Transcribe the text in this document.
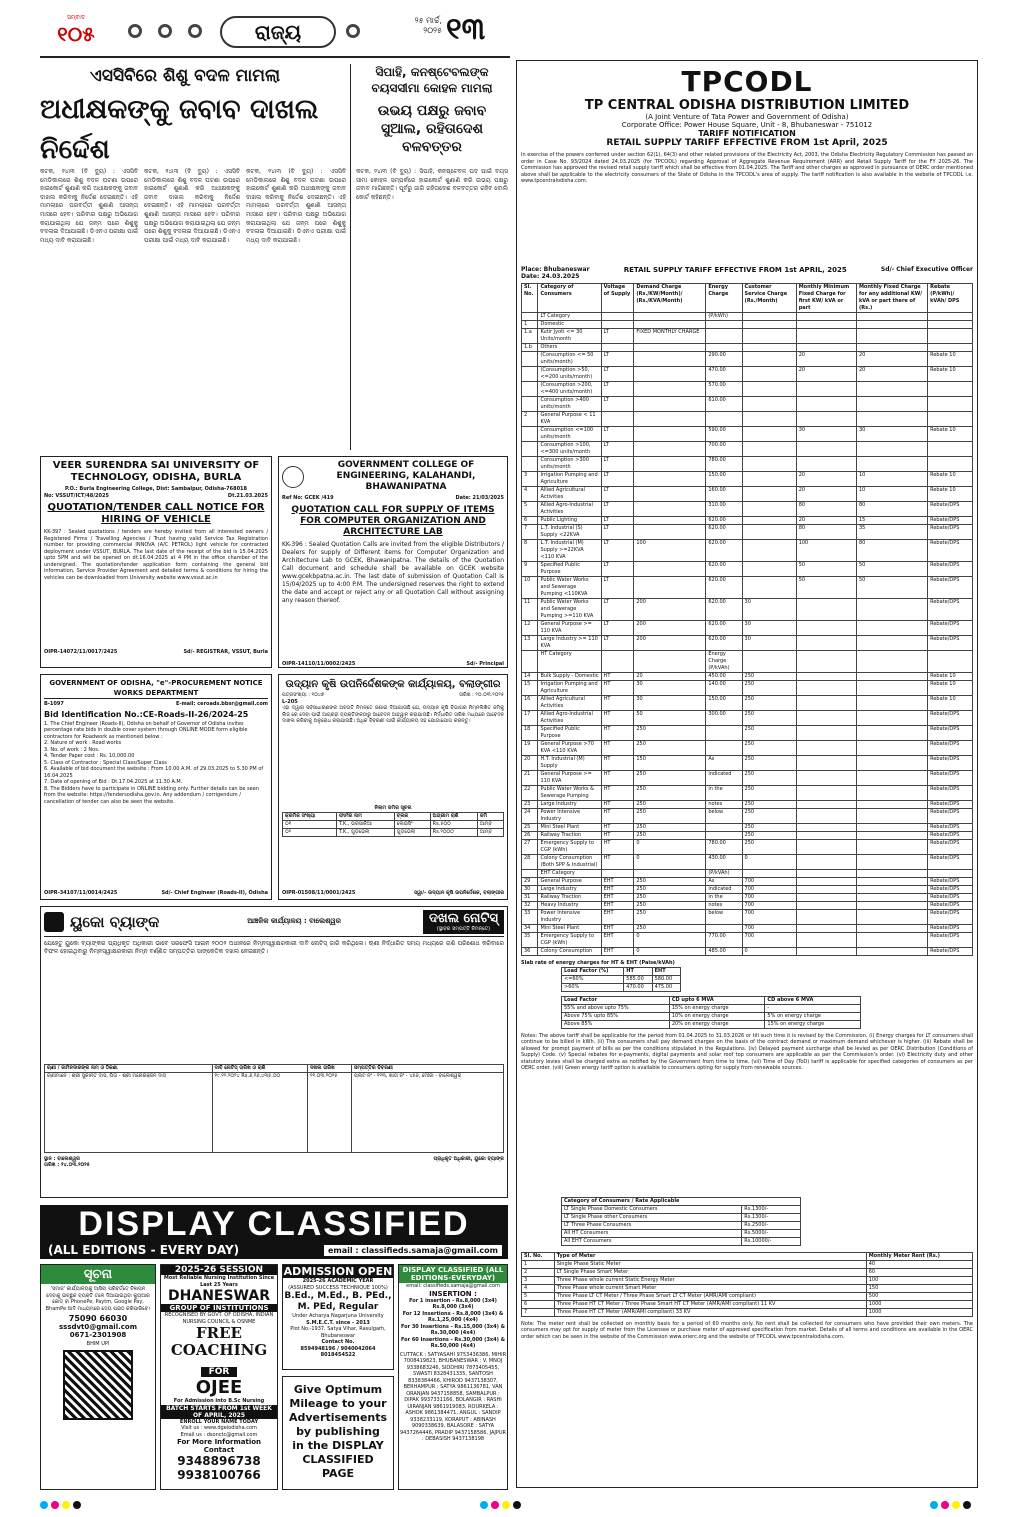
ସମ୍ବାଦ
୧୦୫	ରାଜ୍ୟ	୨୫ ମାର୍ଚ୍ଚ,
୨୦୨୫ ୧୩
ଏସସିବିରେ ଶିଶୁ ବଦଳ ମାମଲା
ଅଧୀକ୍ଷକଙ୍କୁ ଜବାବ ଦାଖଲ ନିର୍ଦ୍ଦେଶ
ସିପାହି, କନଷ୍ଟେବଲଙ୍କ ବୟସସୀମା କୋହଳ ମାମଲା
ଉଭୟ ପକ୍ଷରୁ ଜବାବ ସୁଆଲ, ରହିତାଦେଶ ବଳବତ୍ତର
କଟକ, ୨୪ା୩ (ବି ବ୍ୟୁ) : ଏସସିବି ମେଡିକାଲରେ ଶିଶୁ ବଦଳ ଘଟଣା ଉପରେ ହାଇକୋର୍ଟ ଶୁଣାଣି କରି ଅଧୀକ୍ଷକଙ୍କୁ ଜବାବ ଦାଖଲ କରିବାକୁ ନିର୍ଦ୍ଦେଶ ଦେଇଛନ୍ତି। ଏହି ମାମଲାରେ ପରବର୍ତ୍ତୀ ଶୁଣାଣି ଆସନ୍ତା ମାସରେ ହେବ। ପରିବାର ପକ୍ଷରୁ ଅଭିଯୋଗ କରାଯାଇଥିଲା ଯେ ଜନ୍ମ ପରେ ଶିଶୁକୁ ବଦଳାଇ ଦିଆଯାଇଛି। ଡିଏନଏ ପରୀକ୍ଷା ପାଇଁ ମଧ୍ୟ ଦାବି କରାଯାଇଛି।
କଟକ, ୨୪ା୩ (ବି ବ୍ୟୁ) : ଏସସିବି ମେଡିକାଲରେ ଶିଶୁ ବଦଳ ଘଟଣା ଉପରେ ହାଇକୋର୍ଟ ଶୁଣାଣି କରି ଅଧୀକ୍ଷକଙ୍କୁ ଜବାବ ଦାଖଲ କରିବାକୁ ନିର୍ଦ୍ଦେଶ ଦେଇଛନ୍ତି। ଏହି ମାମଲାରେ ପରବର୍ତ୍ତୀ ଶୁଣାଣି ଆସନ୍ତା ମାସରେ ହେବ। ପରିବାର ପକ୍ଷରୁ ଅଭିଯୋଗ କରାଯାଇଥିଲା ଯେ ଜନ୍ମ ପରେ ଶିଶୁକୁ ବଦଳାଇ ଦିଆଯାଇଛି। ଡିଏନଏ ପରୀକ୍ଷା ପାଇଁ ମଧ୍ୟ ଦାବି କରାଯାଇଛି।
କଟକ, ୨୪ା୩ (ବି ବ୍ୟୁ) : ଏସସିବି ମେଡିକାଲରେ ଶିଶୁ ବଦଳ ଘଟଣା ଉପରେ ହାଇକୋର୍ଟ ଶୁଣାଣି କରି ଅଧୀକ୍ଷକଙ୍କୁ ଜବାବ ଦାଖଲ କରିବାକୁ ନିର୍ଦ୍ଦେଶ ଦେଇଛନ୍ତି। ଏହି ମାମଲାରେ ପରବର୍ତ୍ତୀ ଶୁଣାଣି ଆସନ୍ତା ମାସରେ ହେବ। ପରିବାର ପକ୍ଷରୁ ଅଭିଯୋଗ କରାଯାଇଥିଲା ଯେ ଜନ୍ମ ପରେ ଶିଶୁକୁ ବଦଳାଇ ଦିଆଯାଇଛି। ଡିଏନଏ ପରୀକ୍ଷା ପାଇଁ ମଧ୍ୟ ଦାବି କରାଯାଇଛି।
କଟକ, ୨୪ା୩ (ବି ବ୍ୟୁ) : ସିପାହି, କନଷ୍ଟେବଳ ପଦ ପାଇଁ ବୟସ ସୀମା କୋହଳ ସମ୍ପର୍କରେ ହାଇକୋର୍ଟ ଶୁଣାଣି କରି ଉଭୟ ପକ୍ଷରୁ ଜବାବ ମାଗିଛନ୍ତି। ପୂର୍ବରୁ ଜାରି ରହିତାଦେଶ ବଳବତ୍ତର ରହିବ ବୋଲି କୋର୍ଟ କହିଛନ୍ତି।
VEER SURENDRA SAI UNIVERSITY OF TECHNOLOGY, ODISHA, BURLA
P.O.: Burla Engineering College, Dist: Sambalpur, Odisha-768018
No: VSSUT/ICT/48/2025	Dt.21.03.2025
QUOTATION/TENDER CALL NOTICE FOR HIRING OF VEHICLE
KK-397 : Sealed quotations / tenders are hereby invited from all interested owners / Registered Firms / Travelling Agencies / Trust having valid Service Tax Registration number for providing commercial INNOVA (A/C PETROL) light vehicle for contracted deployment under VSSUT, BURLA. The last date of the receipt of the bid is 15.04.2025 upto 5PM and will be opened on dt.16.04.2025 at 4 PM in the office chamber of the undersigned. The quotation/tender application form containing the general bid information, Service Provider Agreement and detailed terms & conditions for hiring the vehicles can be downloaded from University website www.vssut.ac.in
OIPR-14072/11/0017/2425	Sd/- REGISTRAR, VSSUT, Burla
GOVERNMENT COLLEGE OF ENGINEERING, KALAHANDI, BHAWANIPATNA
Ref No: GCEK /419	Date: 21/03/2025
QUOTATION CALL FOR SUPPLY OF ITEMS FOR COMPUTER ORGANIZATION AND ARCHITECTURE LAB
KK-396 : Sealed Quotation Calls are invited from the eligible Distributors / Dealers for supply of Different items for Computer Organization and Architecture Lab to GCEK, Bhawanipatna. The details of the Quotation Call document and schedule shall be available on GCEK website www.gcekbpatna.ac.in. The last date of submission of Quotation Call is 15/04/2025 up to 4:00 P.M. The undersigned reserves the right to extend the date and accept or reject any or all Quotation Call without assigning any reason thereof.
OIPR-14110/11/0002/2425	Sd/- Principal
GOVERNMENT OF ODISHA, "e"-PROCUREMENT NOTICE WORKS DEPARTMENT
B-1097	E-mail: ceroads.bbsr@gmail.com
Bid Identification No.:CE-Roads-II-26/2024-25
1. The Chief Engineer (Roads-II), Odisha on behalf of Governor of Odisha invites percentage rate bids in double cover system through ONLINE MODE form eligible contractors for Roadwork as mentioned below :
2. Nature of work : Road works
3. No. of work : 2 Nos.
4. Tender Paper cost : Rs. 10,000.00
5. Class of Contractor : Special Class/Super Class
6. Available of bid document the website : From 10.00 A.M. of 29.03.2025 to 5.30 PM of 16.04.2025
7. Date of opening of Bid : Dt.17.04.2025 at 11.30 A.M.
8. The Bidders have to participate in ONLINE bidding only. Further details can be seen from the website: https://tendersodisha.gov.in. Any addendum / corrigendum / cancellation of tender can also be seen the website.
OIPR-34107/11/0014/2425	Sd/- Chief Engineer (Roads-II), Odisha
ଉଦ୍ୟାନ କୃଷି ଉପନିର୍ଦ୍ଦେଶକଙ୍କ କାର୍ଯ୍ୟାଳୟ, ବଲାଙ୍ଗୀର
ପତ୍ରସଂଖ୍ୟା : ୧୦୪୭	ତାରିଖ : ୨୦.୦୩.୨୦୨୫
L-205
ଏହା ଦ୍ୱାରା ସର୍ବସାଧାରଣଙ୍କ ଅବଗତି ନିମନ୍ତେ ଜଣାଇ ଦିଆଯାଉଛି ଯେ, ଉଦ୍ୟାନ କୃଷି ବିଭାଗର ନିମ୍ନଲିଖିତ ଜମିକୁ ଲିଜ୍ ରେ ଦେବା ପାଇଁ ଆଗ୍ରହୀ ବ୍ୟକ୍ତିଙ୍କଠାରୁ ଆବେଦନ ଆହ୍ୱାନ କରାଯାଉଛି। ନିର୍ଦ୍ଧାରିତ ତାରିଖ ମଧ୍ୟରେ ଆବେଦନ ଦାଖଲ କରିବାକୁ ଅନୁରୋଧ କରାଯାଉଛି। ଅଧିକ ବିବରଣୀ ପାଇଁ କାର୍ଯ୍ୟାଳୟ ସହ ଯୋଗାଯୋଗ କରନ୍ତୁ।
ନିଲାମ ଜମିର ସୂଚନା
କ୍ରମିକ ସଂଖ୍ୟା	ଫାର୍ମର ନାମ	ବ୍ଲକ	ଅଗ୍ରୀମ ରାଶି	ଜମି
୦୧	T.K., ଭରସାକିଆ	ଲୋଇସିଂ	Rs.୫୦୦	ଆମ୍ବ
୦୨	T.K., ଗୁଡ଼ଭେଲା	ଗୁଡ଼ଭେଲା	Rs.୨୦୦୦	ଆମ୍ବ
OIPR-01508/11/0001/2425	ସ୍ୱା/- ଉଦ୍ୟାନ କୃଷି ଉପନିର୍ଦ୍ଦେଶକ, ବଲାଙ୍ଗୀର
ୟୁକୋ ବ୍ୟାଙ୍କ	ଆଞ୍ଚଳିକ କାର୍ଯ୍ୟାଳୟ : ବାଲେଶ୍ୱର	ଦଖଲ ନୋଟିସ୍
(ସ୍ଥାବର ସମ୍ପତ୍ତି ନିମନ୍ତେ)
ଯେହେତୁ ୟୁକୋ ବ୍ୟାଙ୍କର ପ୍ରାଧିକୃତ ଅଧିକାରୀ ଭାବେ ସରଫେସି ଆଇନ ୨୦୦୨ ଅଧୀନରେ ନିମ୍ନସ୍ୱାକ୍ଷରକାରୀ ଦାବି ନୋଟିସ୍ ଜାରି କରିଥିଲେ। ଋଣୀ ନିର୍ଦ୍ଧାରିତ ସମୟ ମଧ୍ୟରେ ରାଶି ପରିଶୋଧ କରିବାରେ ବିଫଳ ହୋଇଥିବାରୁ ନିମ୍ନସ୍ୱାକ୍ଷରକାରୀ ନିମ୍ନ ବର୍ଣ୍ଣିତ ସମ୍ପତ୍ତିର ସାଙ୍କେତିକ ଦଖଲ ନେଇଛନ୍ତି।
ଋଣୀ / ଜାମିନଦାରଙ୍କ ନାମ ଓ ଠିକଣା	ଦାବି ନୋଟିସ୍ ତାରିଖ ଓ ରାଶି	ଦଖଲ ତାରିଖ	ସମ୍ପତ୍ତିର ବିବରଣୀ
ଋଣୀମାନେ : ଶ୍ରୀ ସୁକାନ୍ତ ଦାସ, ପିତା - ଶ୍ରୀ ମନୋରଞ୍ଜନ ଦାସ	୧୯.୧୨.୨୦୨୪ Rs.୬,୧୬,୪୩୫.୦୦	୨୧.୦୩.୨୦୨୫	ପ୍ଲଟ ନଂ - ୧୨୩, ଖାତା ନଂ - ୪୫୬, ମୌଜା - ବାଲେଶ୍ୱର
ସ୍ଥାନ : ବାଲେଶ୍ୱର
ତାରିଖ : ୨୪.୦୩.୨୦୨୫
ପ୍ରାଧିକୃତ ଅଧିକାରୀ, ୟୁକୋ ବ୍ୟାଙ୍କ
DISPLAY CLASSIFIED
(ALL EDITIONS - EVERY DAY)	email : classifieds.samaja@gmail.com
ସୂଚନା
'ସମାଜ' କାର୍ଯ୍ୟାଳୟକୁ ଆସିବା ପରିବର୍ତ୍ତେ ବିଜ୍ଞାପନ ଦେବାକୁ ଇଚ୍ଛୁକ ବ୍ୟକ୍ତି ତଳେ ଦିଆଯାଇଥିବା କ୍ୟୁଆର କୋଡ୍ ବା PhonePe, Paytm, Google Pay, BhamPe ଆଦି ମାଧ୍ୟମରେ ଦେୟ ପଇଠ କରିପାରିବେ।
75090 66030
sssdvt0@gmail.com
0671-2301908
BHIM UPI
2025-26 SESSION
Most Reliable Nursing Institution Since Last 25 Years
DHANESWAR
GROUP OF INSTITUTIONS
RECOGNISED BY GOVT. OF ODISHA, INDIAN NURSING COUNCIL & OSNME
FREE COACHING
FOR
OJEE
For Admission into B.Sc Nursing
BATCH STARTS FROM 1st WEEK OF APRIL, 2025
ENROLL YOUR NAME TODAY
Visit us : www.dgeiodisha.com
Email us : dsonctc@gmail.com
For More Information Contact
9348896738
9938100766
ADMISSION OPEN
2025-26 ACADEMIC YEAR
(ASSURED SUCCESS TECHNIQUE 100%)
B.Ed., M.Ed., B. PEd., M. PEd, Regular
Under Acharya Nagarjuna University
S.M.E.C.T. since - 2013
Plot No.-1937, Satya Vihar, Rasulgarh, Bhubaneswar
Contact No.
8594948196 / 9040042064 8018454522
Give Optimum Mileage to your Advertisements by publishing in the DISPLAY CLASSIFIED PAGE
DISPLAY CLASSIFIED (ALL EDITIONS-EVERYDAY)
email: classifieds.samaja@gmail.com
INSERTION :
For 1 insertion - Rs.8,000 (3x4) Rs.8,000 (3x4)
For 12 Insertions - Rs.8,000 (3x4) & Rs.1,25,000 (4x4)
For 30 Insertions - Rs.15,000 (3x4) & Rs.30,000 (4x4)
For 60 Insertions - Rs.30,000 (3x4) & Rs.50,000 (4x4)
CUTTACK : SATYASAHI 9753436386, MIHIR 7008419823, BHUBANESWAR : V. MNOJ 9338683246, SIDDHIRI 7873405455, SWASTI 8328431335, SANTOSH 8338384466, KHIROD 9437138307, BERHAMPUR : SATYA 9861136781, VAN ORANJAN 9437158858, SAMBALPUR : DIPAK 9937331166, BOLANGIR : RASHI UIRANJAN 9861919083, ROURKELA : ASHOK 9861384471, ANGUL : SANDIP 9338233119, KORAPUT : ABINASH 9090338639, BALASORE : SATYA 9437264446, PRADIP 9437158586, JAJPUR : DEBASISH 9437138198
TPCODL
TP CENTRAL ODISHA DISTRIBUTION LIMITED
(A Joint Venture of Tata Power and Government of Odisha)
Corporate Office: Power House Square, Unit - 8, Bhubaneswar - 751012
TARIFF NOTIFICATION
RETAIL SUPPLY TARIFF EFFECTIVE FROM 1st April, 2025
In exercise of the powers conferred under section 62(1), 64(3) and other related provisions of the Electricity Act, 2003, the Odisha Electricity Regulatory Commission has passed an order in Case No. 93/2024 dated 24.03.2025 (for TPCODL) regarding Approval of Aggregate Revenue Requirement (ARR) and Retail Supply Tariff for the FY 2025-26. The Commission has approved the revised retail supply tariff which shall be effective from 01.04.2025. The Tariff and other charges as approved in pursuance of OERC order mentioned above shall be applicable to the electricity consumers of the State of Odisha in the TPCODL's area of supply. The tariff notification is also available in the website of TPCODL i.e. www.tpcentralodisha.com.
Place: Bhubaneswar
Date: 24.03.2025
RETAIL SUPPLY TARIFF EFFECTIVE FROM 1st APRIL, 2025	Sd/- Chief Executive Officer
Sl. No.	Category of Consumers	Voltage of Supply	Demand Charge (Rs./KW/Month)/ (Rs./KVA/Month)	Energy Charge	Customer Service Charge (Rs./Month)	Monthly Minimum Fixed Charge for first KW/ kVA or part	Monthly Fixed Charge for any additional KW/ kVA or part there of (Rs.)	Rebate (P/kWh)/ kVAh/ DPS
	LT Category			(P/kWh)				
1	Domestic							
1.a	Kutir Jyoti <= 30 Units/month	LT	FIXED MONTHLY CHARGE					
1.b	Others							
	(Consumption <= 50 units/month)	LT		290.00		20	20	Rebate 10
	(Consumption >50, <=200 units/month)	LT		470.00		20	20	Rebate 10
	(Consumption >200, <=400 units/month)	LT		570.00				
	Consumption >400 units/month	LT		610.00				
2	General Purpose < 11 KVA							
	Consumption <=100 units/month	LT		590.00		30	30	Rebate 10
	Consumption >100, <=300 units/month	LT		700.00				
	Consumption >300 units/month	LT		780.00				
3	Irrigation Pumping and Agriculture	LT		150.00		20	10	Rebate 10
4	Allied Agricultural Activities	LT		160.00		20	10	Rebate 10
5	Allied Agro-Industrial Activities	LT		310.00		80	80	Rebate/DPS
6	Public Lighting	LT		620.00		20	15	Rebate/DPS
7	L.T. Industrial (S) Supply <22KVA	LT		620.00		80	35	Rebate/DPS
8	L.T. Industrial (M) Supply >=22KVA <110 KVA	LT	100	620.00		100	80	Rebate/DPS
9	Specified Public Purpose	LT		620.00		50	50	Rebate/DPS
10	Public Water Works and Sewerage Pumping <110KVA	LT		620.00		50	50	Rebate/DPS
11	Public Water Works and Sewerage Pumping >=110 KVA	LT	200	620.00	30			Rebate/DPS
12	General Purpose >= 110 KVA	LT	200	620.00	30			Rebate/DPS
13	Large Industry >= 110 KVA	LT	200	620.00	30			Rebate/DPS
	HT Category			Energy Charge (P/kVAh)				
14	Bulk Supply - Domestic	HT	20	450.00	250			Rebate 10
15	Irrigation Pumping and Agriculture	HT	30	140.00	250			Rebate 10
16	Allied Agricultural Activities	HT	30	150.00	250			Rebate 10
17	Allied Agro-Industrial Activities	HT	50	300.00	250			Rebate/DPS
18	Specified Public Purpose	HT	250		250			Rebate/DPS
19	General Purpose >70 KVA <110 KVA	HT	250		250			Rebate/DPS
20	H.T. Industrial (M) Supply	HT	150	As	250			Rebate/DPS
21	General Purpose >= 110 KVA	HT	250	indicated	250			Rebate/DPS
22	Public Water Works & Sewerage Pumping	HT	250	in the	250			Rebate/DPS
23	Large Industry	HT	250	notes	250			Rebate/DPS
24	Power Intensive Industry	HT	250	below	250			Rebate/DPS
25	Mini Steel Plant	HT	250		250			Rebate/DPS
26	Railway Traction	HT	250		250			Rebate/DPS
27	Emergency Supply to CGP (kWh)	HT	0	780.00	250			Rebate/DPS
28	Colony Consumption (Both SPP & Industrial)	HT	0	430.00	0			Rebate/DPS
	EHT Category			(P/kVAh)				
29	General Purpose	EHT	250	As	700			Rebate/DPS
30	Large Industry	EHT	250	indicated	700			Rebate/DPS
31	Railway Traction	EHT	250	in the	700			Rebate/DPS
32	Heavy Industry	EHT	250	notes	700			Rebate/DPS
33	Power Intensive Industry	EHT	250	below	700			Rebate/DPS
34	Mini Steel Plant	EHT	250		700			Rebate/DPS
35	Emergency Supply to CGP (kWh)	EHT	0	770.00	700			Rebate/DPS
36	Colony Consumption	EHT	0	485.00	0			Rebate/DPS
Slab rate of energy charges for HT & EHT (Paise/kVAh)
Load Factor (%)	HT	EHT
<=60%	585.00	580.00
>60%	470.00	475.00
Load Factor	CD upto 6 MVA	CD above 6 MVA
55% and above upto 75%	15% on energy charge	-
Above 75% upto 85%	10% on energy charge	5% on energy charge
Above 85%	20% on energy charge	15% on energy charge
Notes: The above tariff shall be applicable for the period from 01.04.2025 to 31.03.2026 or till such time it is revised by the Commission. (i) Energy charges for LT consumers shall continue to be billed in kWh. (ii) The consumers shall pay demand charges on the basis of the contract demand or maximum demand whichever is higher. (iii) Rebate shall be allowed for prompt payment of bills as per the conditions stipulated in the Regulations. (iv) Delayed payment surcharge shall be levied as per OERC Distribution (Conditions of Supply) Code. (v) Special rebates for e-payments, digital payments and solar roof top consumers are applicable as per the Commission's order. (vi) Electricity duty and other statutory levies shall be charged extra as notified by the Government from time to time. (vii) Time of Day (ToD) tariff is applicable for specified categories of consumers as per OERC order. (viii) Green energy tariff option is available to consumers opting for supply from renewable sources.
Category of Consumers / Rate Applicable	
LT Single Phase Domestic Consumers	Rs.1300/-
LT Single Phase other Consumers	Rs.1300/-
LT Three Phase Consumers	Rs.2500/-
All HT Consumers	Rs.5000/-
All EHT Consumers	Rs.10000/-
Sl. No.	Type of Meter	Monthly Meter Rent (Rs.)
1	Single Phase Static Meter	40
2	LT Single Phase Smart Meter	60
3	Three Phase whole current Static Energy Meter	100
4	Three Phase whole current Smart Meter	150
5	Three Phase LT CT Meter / Three Phase Smart LT CT Meter (AMR/AMI compliant)	500
6	Three Phase HT CT Meter / Three Phase Smart HT CT Meter (AMR/AMI compliant) 11 KV	1000
7	Three Phase HT CT Meter (AMR/AMI compliant) 33 KV	1000
Note: The meter rent shall be collected on monthly basis for a period of 60 months only. No rent shall be collected for consumers who have provided their own meters. The consumers may opt for supply of meter from the Licensee or purchase meter of approved specification from market. Details of all terms and conditions are available in the OERC order which can be seen in the website of the Commission www.orierc.org and the website of TPCODL www.tpcentralodisha.com.
